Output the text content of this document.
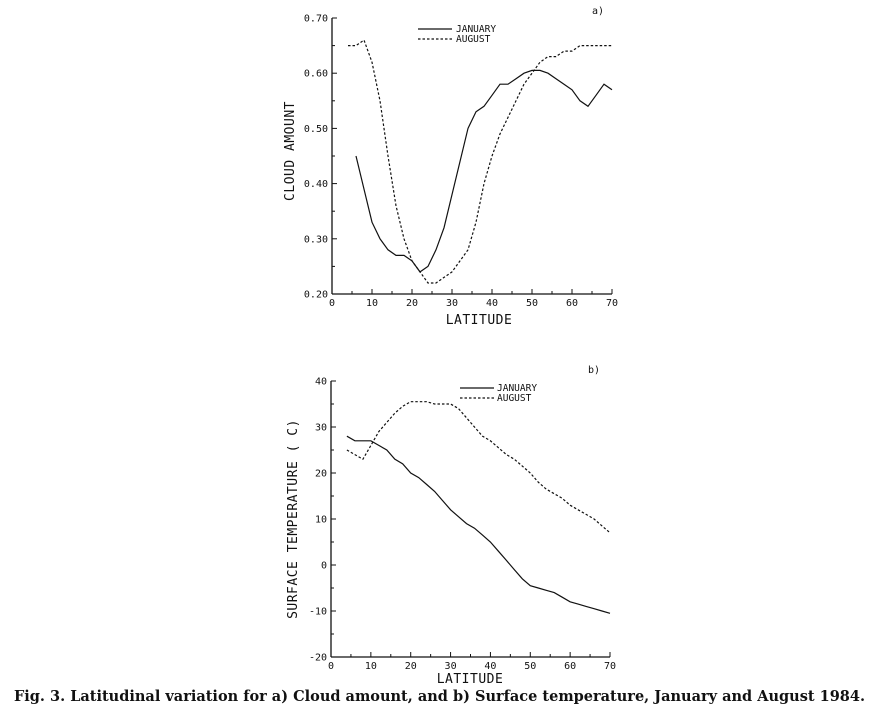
a)
CLOUD AMOUNT
LATITUDE
JANUARY
AUGUST
0	10	20	30	40	50	60	70
0.20
0.30
0.40
0.50
0.60
0.70
b)
SURFACE TEMPERATURE ( C)
LATITUDE
JANUARY
AUGUST
0	10	20	30	40	50	60	70
-20
-10
0
10
20
30
40
Fig. 3. Latitudinal variation for a) Cloud amount, and b) Surface temperature, January and August 1984.
